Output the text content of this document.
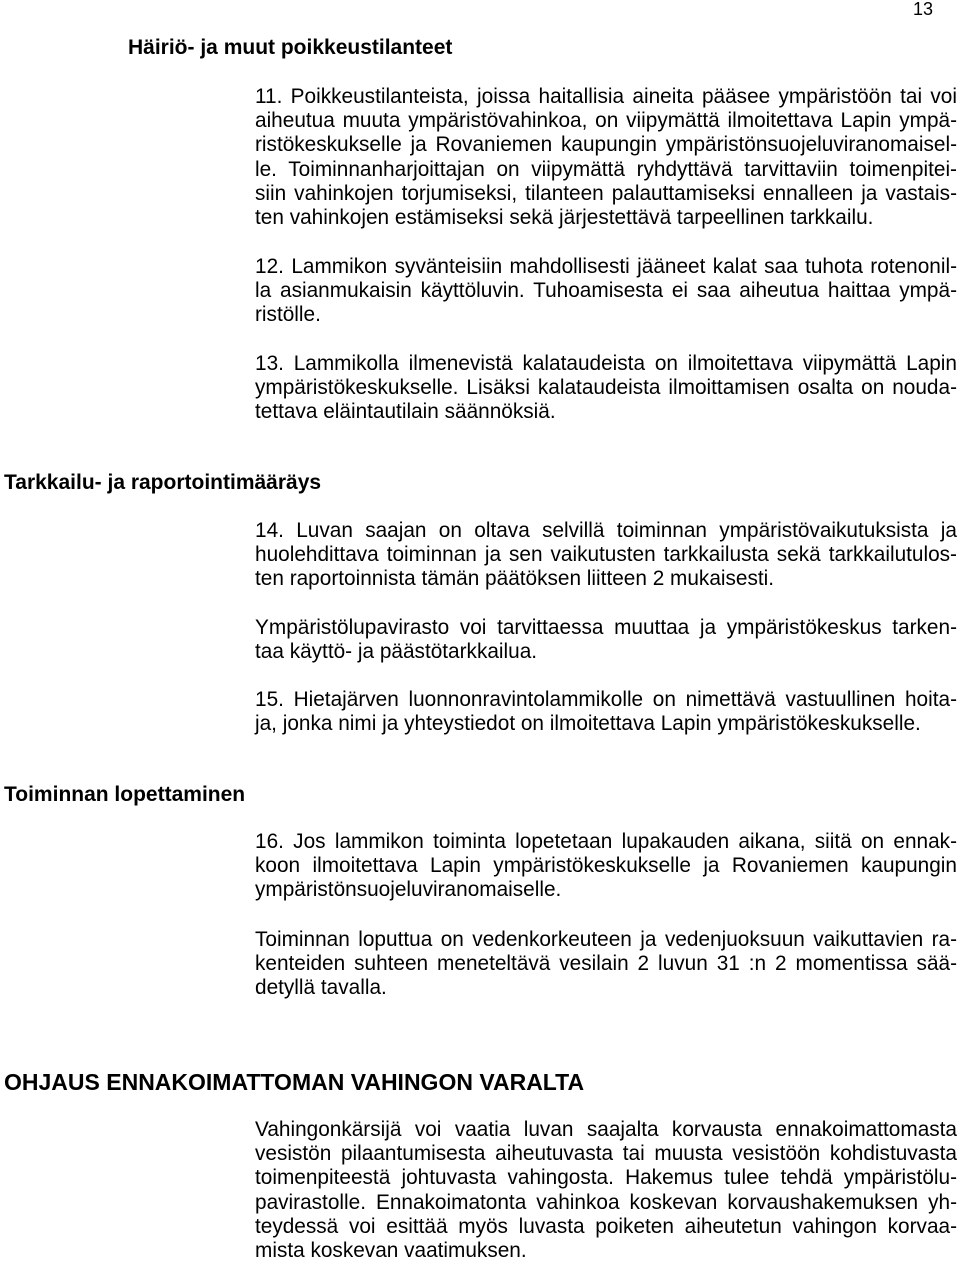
13
Häiriö- ja muut poikkeustilanteet
11. Poikkeustilanteista, joissa haitallisia aineita pääsee ympäristöön tai voi
aiheutua muuta ympäristövahinkoa, on viipymättä ilmoitettava Lapin ympä-
ristökeskukselle ja Rovaniemen kaupungin ympäristönsuojeluviranomaisel-
le. Toiminnanharjoittajan on viipymättä ryhdyttävä tarvittaviin toimenpitei-
siin vahinkojen torjumiseksi, tilanteen palauttamiseksi ennalleen ja vastais-
ten vahinkojen estämiseksi sekä järjestettävä tarpeellinen tarkkailu.
12. Lammikon syvänteisiin mahdollisesti jääneet kalat saa tuhota rotenonil-
la asianmukaisin käyttöluvin. Tuhoamisesta ei saa aiheutua haittaa ympä-
ristölle.
13. Lammikolla ilmenevistä kalataudeista on ilmoitettava viipymättä Lapin
ympäristökeskukselle. Lisäksi kalataudeista ilmoittamisen osalta on nouda-
tettava eläintautilain säännöksiä.
Tarkkailu- ja raportointimääräys
14. Luvan saajan on oltava selvillä toiminnan ympäristövaikutuksista ja
huolehdittava toiminnan ja sen vaikutusten tarkkailusta sekä tarkkailutulos-
ten raportoinnista tämän päätöksen liitteen 2 mukaisesti.
Ympäristölupavirasto voi tarvittaessa muuttaa ja ympäristökeskus tarken-
taa käyttö- ja päästötarkkailua.
15. Hietajärven luonnonravintolammikolle on nimettävä vastuullinen hoita-
ja, jonka nimi ja yhteystiedot on ilmoitettava Lapin ympäristökeskukselle.
Toiminnan lopettaminen
16. Jos lammikon toiminta lopetetaan lupakauden aikana, siitä on ennak-
koon ilmoitettava Lapin ympäristökeskukselle ja Rovaniemen kaupungin
ympäristönsuojeluviranomaiselle.
Toiminnan loputtua on vedenkorkeuteen ja vedenjuoksuun vaikuttavien ra-
kenteiden suhteen meneteltävä vesilain 2 luvun 31 :n 2 momentissa sää-
detyllä tavalla.
OHJAUS ENNAKOIMATTOMAN VAHINGON VARALTA
Vahingonkärsijä voi vaatia luvan saajalta korvausta ennakoimattomasta
vesistön pilaantumisesta aiheutuvasta tai muusta vesistöön kohdistuvasta
toimenpiteestä johtuvasta vahingosta. Hakemus tulee tehdä ympäristölu-
pavirastolle. Ennakoimatonta vahinkoa koskevan korvaushakemuksen yh-
teydessä voi esittää myös luvasta poiketen aiheutetun vahingon korvaa-
mista koskevan vaatimuksen.
